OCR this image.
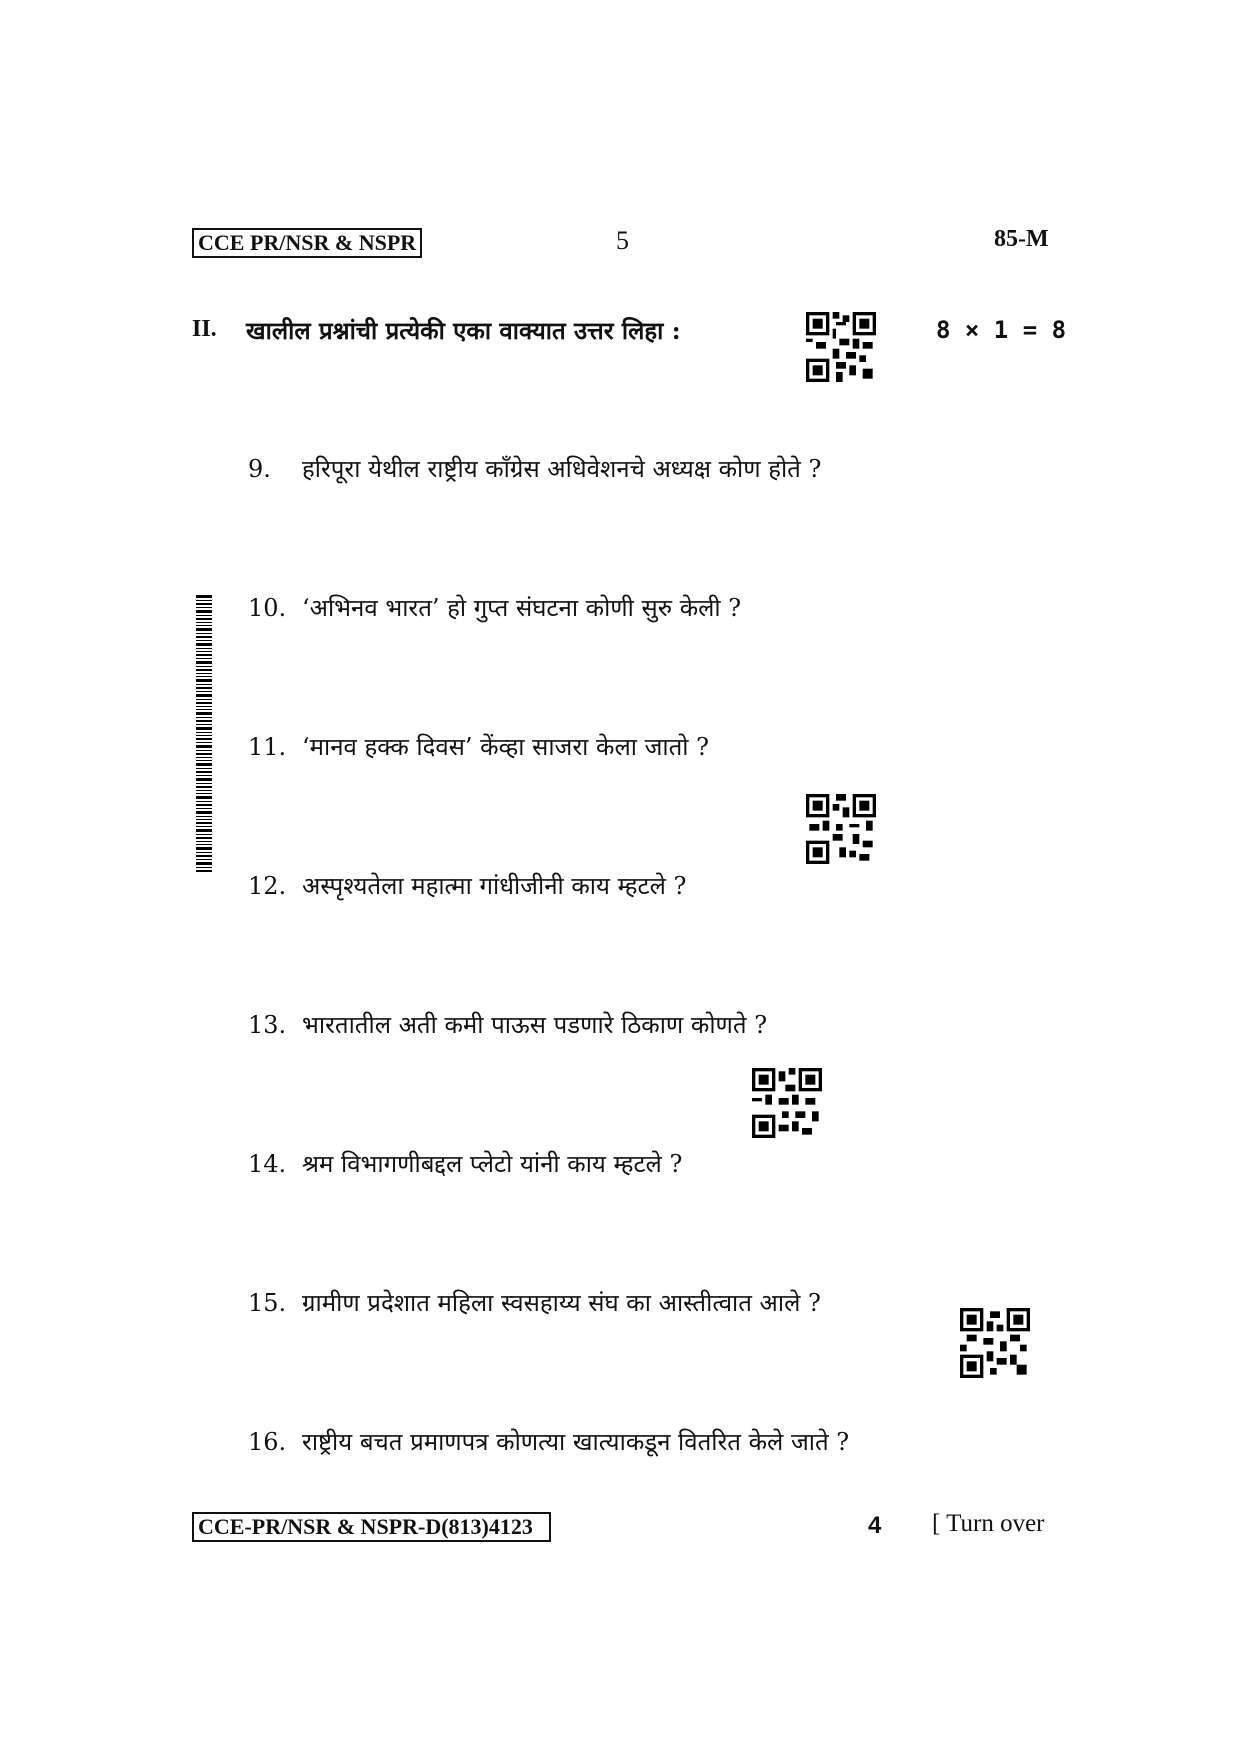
CCE PR/NSR & NSPR	5	85-M
II. खालील प्रश्नांची प्रत्येकी एका वाक्यात उत्तर लिहा :	8 × 1 = 8
9. हरिपूरा येथील राष्ट्रीय काँग्रेस अधिवेशनचे अध्यक्ष कोण होते ?
10. ‘अभिनव भारत’ हो गुप्त संघटना कोणी सुरु केली ?
11. ‘मानव हक्क दिवस’ केंव्हा साजरा केला जातो ?
12. अस्पृश्यतेला महात्मा गांधीजीनी काय म्हटले ?
13. भारतातील अती कमी पाऊस पडणारे ठिकाण कोणते ?
14. श्रम विभागणीबद्दल प्लेटो यांनी काय म्हटले ?
15. ग्रामीण प्रदेशात महिला स्वसहाय्य संघ का आस्तीत्वात आले ?
16. राष्ट्रीय बचत प्रमाणपत्र कोणत्या खात्याकडून वितरित केले जाते ?
CCE-PR/NSR & NSPR-D(813)4123	4 [ Turn over
